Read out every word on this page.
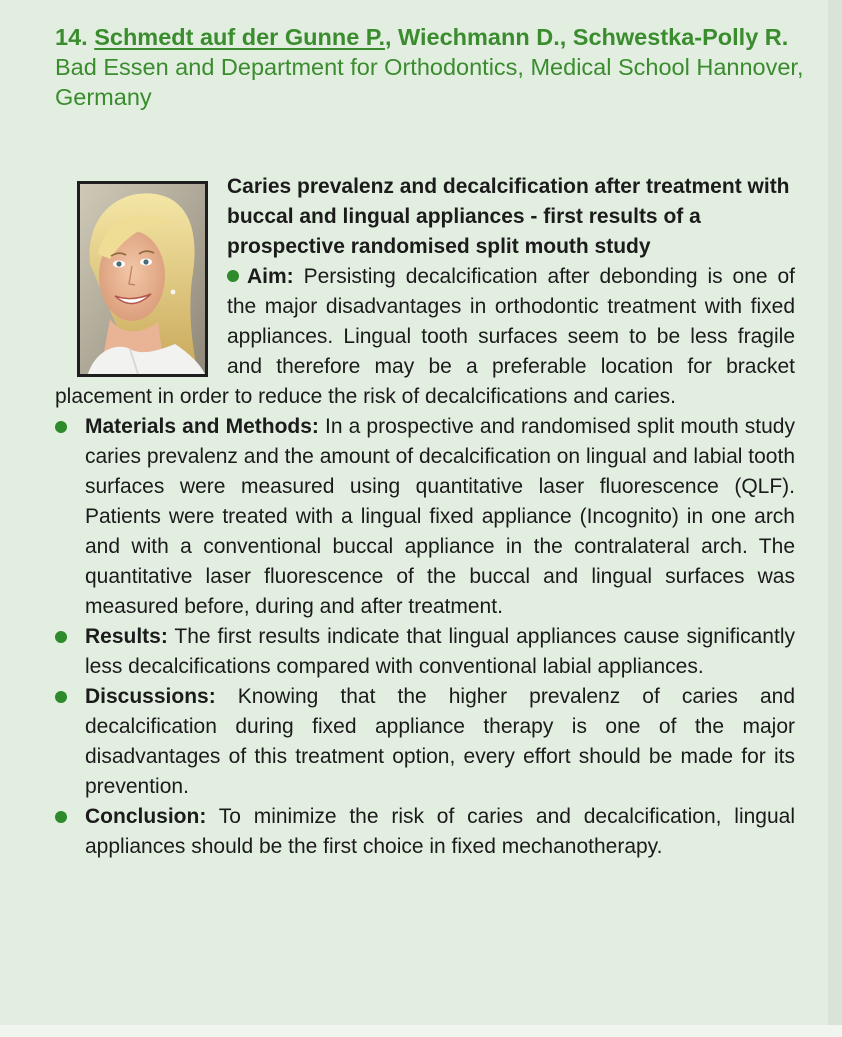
14. Schmedt auf der Gunne P., Wiechmann D., Schwestka-Polly R.
Bad Essen and Department for Orthodontics, Medical School Hannover, Germany

Caries prevalenz and decalcification after treatment with buccal and lingual appliances - first results of a prospective randomised split mouth study

Aim: Persisting decalcification after debonding is one of the major disadvantages in orthodontic treatment with fixed appliances. Lingual tooth surfaces seem to be less fragile and therefore may be a preferable location for bracket placement in order to reduce the risk of decalcifications and caries.
Materials and Methods: In a prospective and randomised split mouth study caries prevalenz and the amount of decalcification on lingual and labial tooth surfaces were measured using quantitative laser fluorescence (QLF). Patients were treated with a lingual fixed appliance (Incognito) in one arch and with a conventional buccal appliance in the contralateral arch. The quantitative laser fluorescence of the buccal and lingual surfaces was measured before, during and after treatment.
Results: The first results indicate that lingual appliances cause significantly less decalcifications compared with conventional labial appliances.
Discussions: Knowing that the higher prevalenz of caries and decalcification during fixed appliance therapy is one of the major disadvantages of this treatment option, every effort should be made for its prevention.
Conclusion: To minimize the risk of caries and decalcification, lingual appliances should be the first choice in fixed mechanotherapy.
